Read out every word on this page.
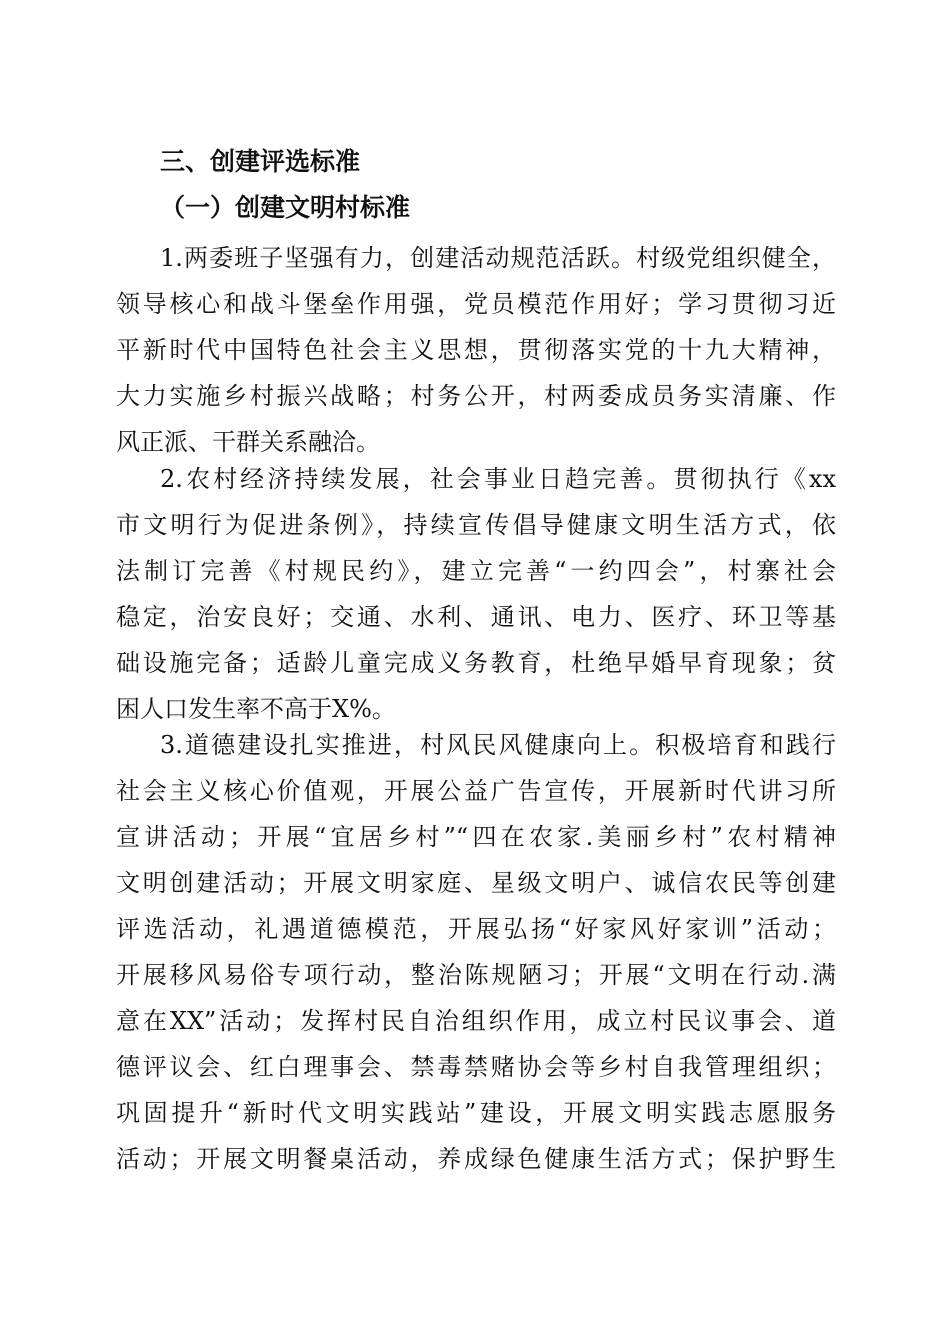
三、创建评选标准
（一）创建文明村标准
1.两委班子坚强有力，创建活动规范活跃。村级党组织健全，
领导核心和战斗堡垒作用强，党员模范作用好；学习贯彻习近
平新时代中国特色社会主义思想，贯彻落实党的十九大精神，
大力实施乡村振兴战略；村务公开，村两委成员务实清廉、作
风正派、干群关系融洽。
2.农村经济持续发展，社会事业日趋完善。贯彻执行《xx
市文明行为促进条例》，持续宣传倡导健康文明生活方式，依
法制订完善《村规民约》，建立完善“一约四会”，村寨社会
稳定，治安良好；交通、水利、通讯、电力、医疗、环卫等基
础设施完备；适龄儿童完成义务教育，杜绝早婚早育现象；贫
困人口发生率不高于X%。
3.道德建设扎实推进，村风民风健康向上。积极培育和践行
社会主义核心价值观，开展公益广告宣传，开展新时代讲习所
宣讲活动；开展“宜居乡村”“四在农家.美丽乡村”农村精神
文明创建活动；开展文明家庭、星级文明户、诚信农民等创建
评选活动，礼遇道德模范，开展弘扬“好家风好家训”活动；
开展移风易俗专项行动，整治陈规陋习；开展“文明在行动.满
意在XX”活动；发挥村民自治组织作用，成立村民议事会、道
德评议会、红白理事会、禁毒禁赌协会等乡村自我管理组织；
巩固提升“新时代文明实践站”建设，开展文明实践志愿服务
活动；开展文明餐桌活动，养成绿色健康生活方式；保护野生
